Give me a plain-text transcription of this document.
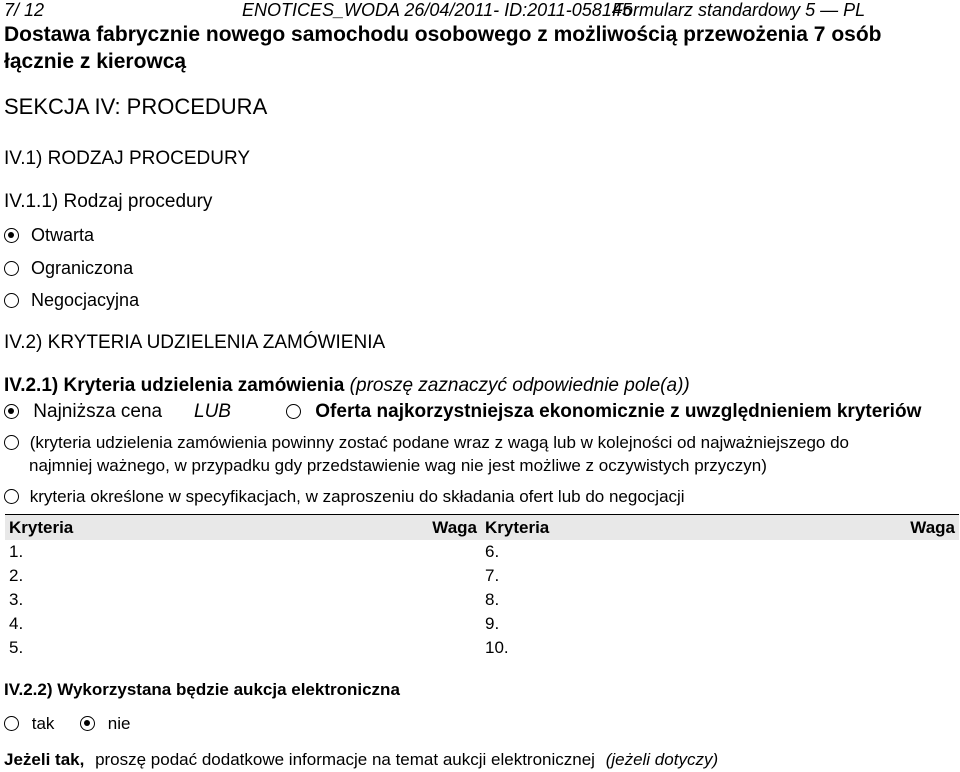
7/ 12	ENOTICES_WODA 26/04/2011- ID:2011-058145
Formularz standardowy 5 — PL
Dostawa fabrycznie nowego samochodu osobowego z możliwością przewożenia 7 osób łącznie z kierowcą
SEKCJA IV: PROCEDURA
IV.1) RODZAJ PROCEDURY
IV.1.1) Rodzaj procedury
Otwarta
Ograniczona
Negocjacyjna
IV.2) KRYTERIA UDZIELENIA ZAMÓWIENIA
IV.2.1) Kryteria udzielenia zamówienia (proszę zaznaczyć odpowiednie pole(a))
Najniższa cena LUB	Oferta najkorzystniejsza ekonomicznie z uwzględnieniem kryteriów
(kryteria udzielenia zamówienia powinny zostać podane wraz z wagą lub w kolejności od najważniejszego do
najmniej ważnego, w przypadku gdy przedstawienie wag nie jest możliwe z oczywistych przyczyn)
kryteria określone w specyfikacjach, w zaproszeniu do składania ofert lub do negocjacji
Kryteria	Waga	Kryteria	Waga
1.		6.	
2.		7.	
3.		8.	
4.		9.	
5.		10.	
IV.2.2) Wykorzystana będzie aukcja elektroniczna
tak	nie
Jeżeli tak, proszę podać dodatkowe informacje na temat aukcji elektronicznej (jeżeli dotyczy)
